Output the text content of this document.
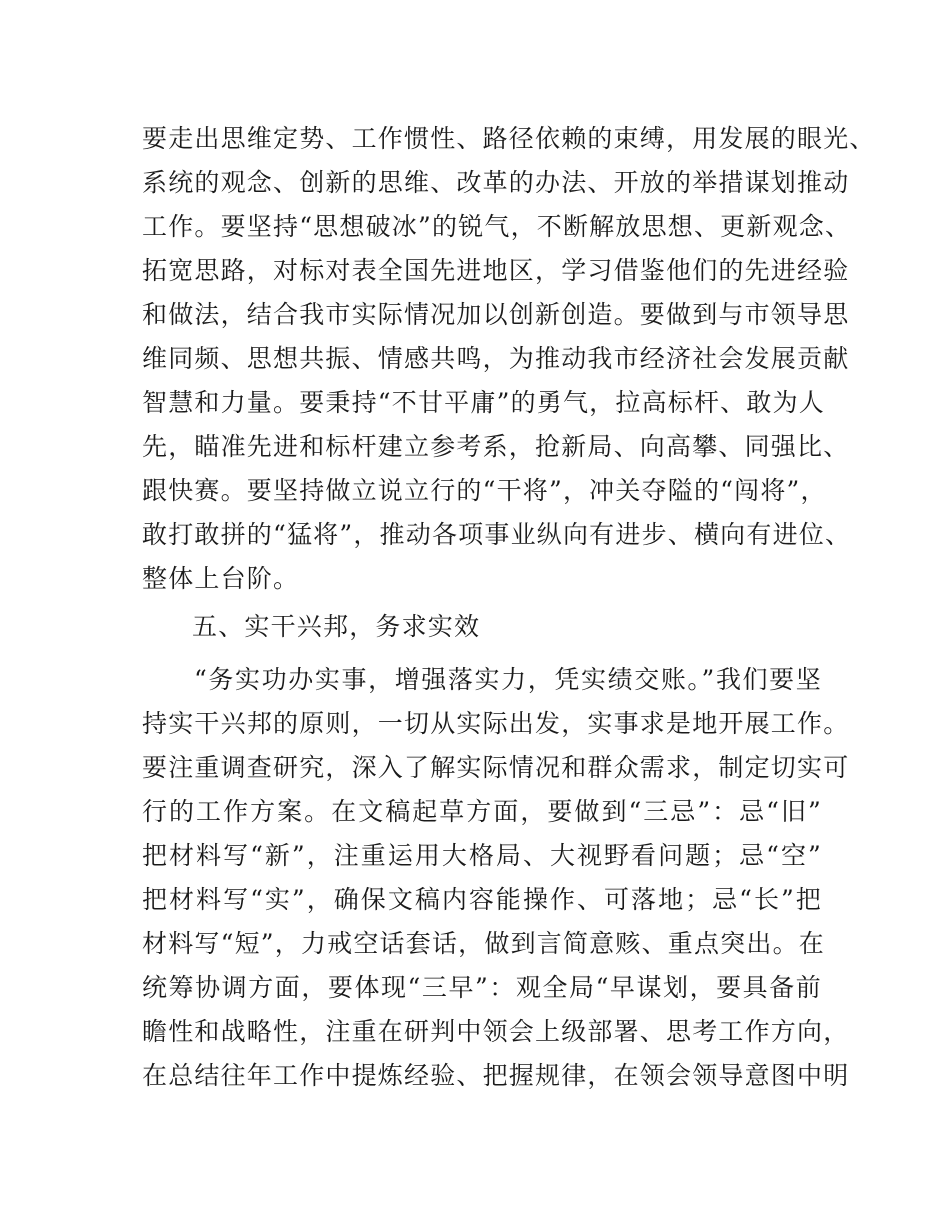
要走出思维定势、工作惯性、路径依赖的束缚，用发展的眼光、
系统的观念、创新的思维、改革的办法、开放的举措谋划推动
工作。要坚持“思想破冰”的锐气，不断解放思想、更新观念、
拓宽思路，对标对表全国先进地区，学习借鉴他们的先进经验
和做法，结合我市实际情况加以创新创造。要做到与市领导思
维同频、思想共振、情感共鸣，为推动我市经济社会发展贡献
智慧和力量。要秉持“不甘平庸”的勇气，拉高标杆、敢为人
先，瞄准先进和标杆建立参考系，抢新局、向高攀、同强比、
跟快赛。要坚持做立说立行的“干将”，冲关夺隘的“闯将”，
敢打敢拼的“猛将”，推动各项事业纵向有进步、横向有进位、
整体上台阶。
五、实干兴邦，务求实效
“务实功办实事，增强落实力，凭实绩交账。”我们要坚
持实干兴邦的原则，一切从实际出发，实事求是地开展工作。
要注重调查研究，深入了解实际情况和群众需求，制定切实可
行的工作方案。在文稿起草方面，要做到“三忌”：忌“旧”
把材料写“新”，注重运用大格局、大视野看问题；忌“空”
把材料写“实”，确保文稿内容能操作、可落地；忌“长”把
材料写“短”，力戒空话套话，做到言简意赅、重点突出。在
统筹协调方面，要体现“三早”：观全局“早谋划，要具备前
瞻性和战略性，注重在研判中领会上级部署、思考工作方向，
在总结往年工作中提炼经验、把握规律，在领会领导意图中明
